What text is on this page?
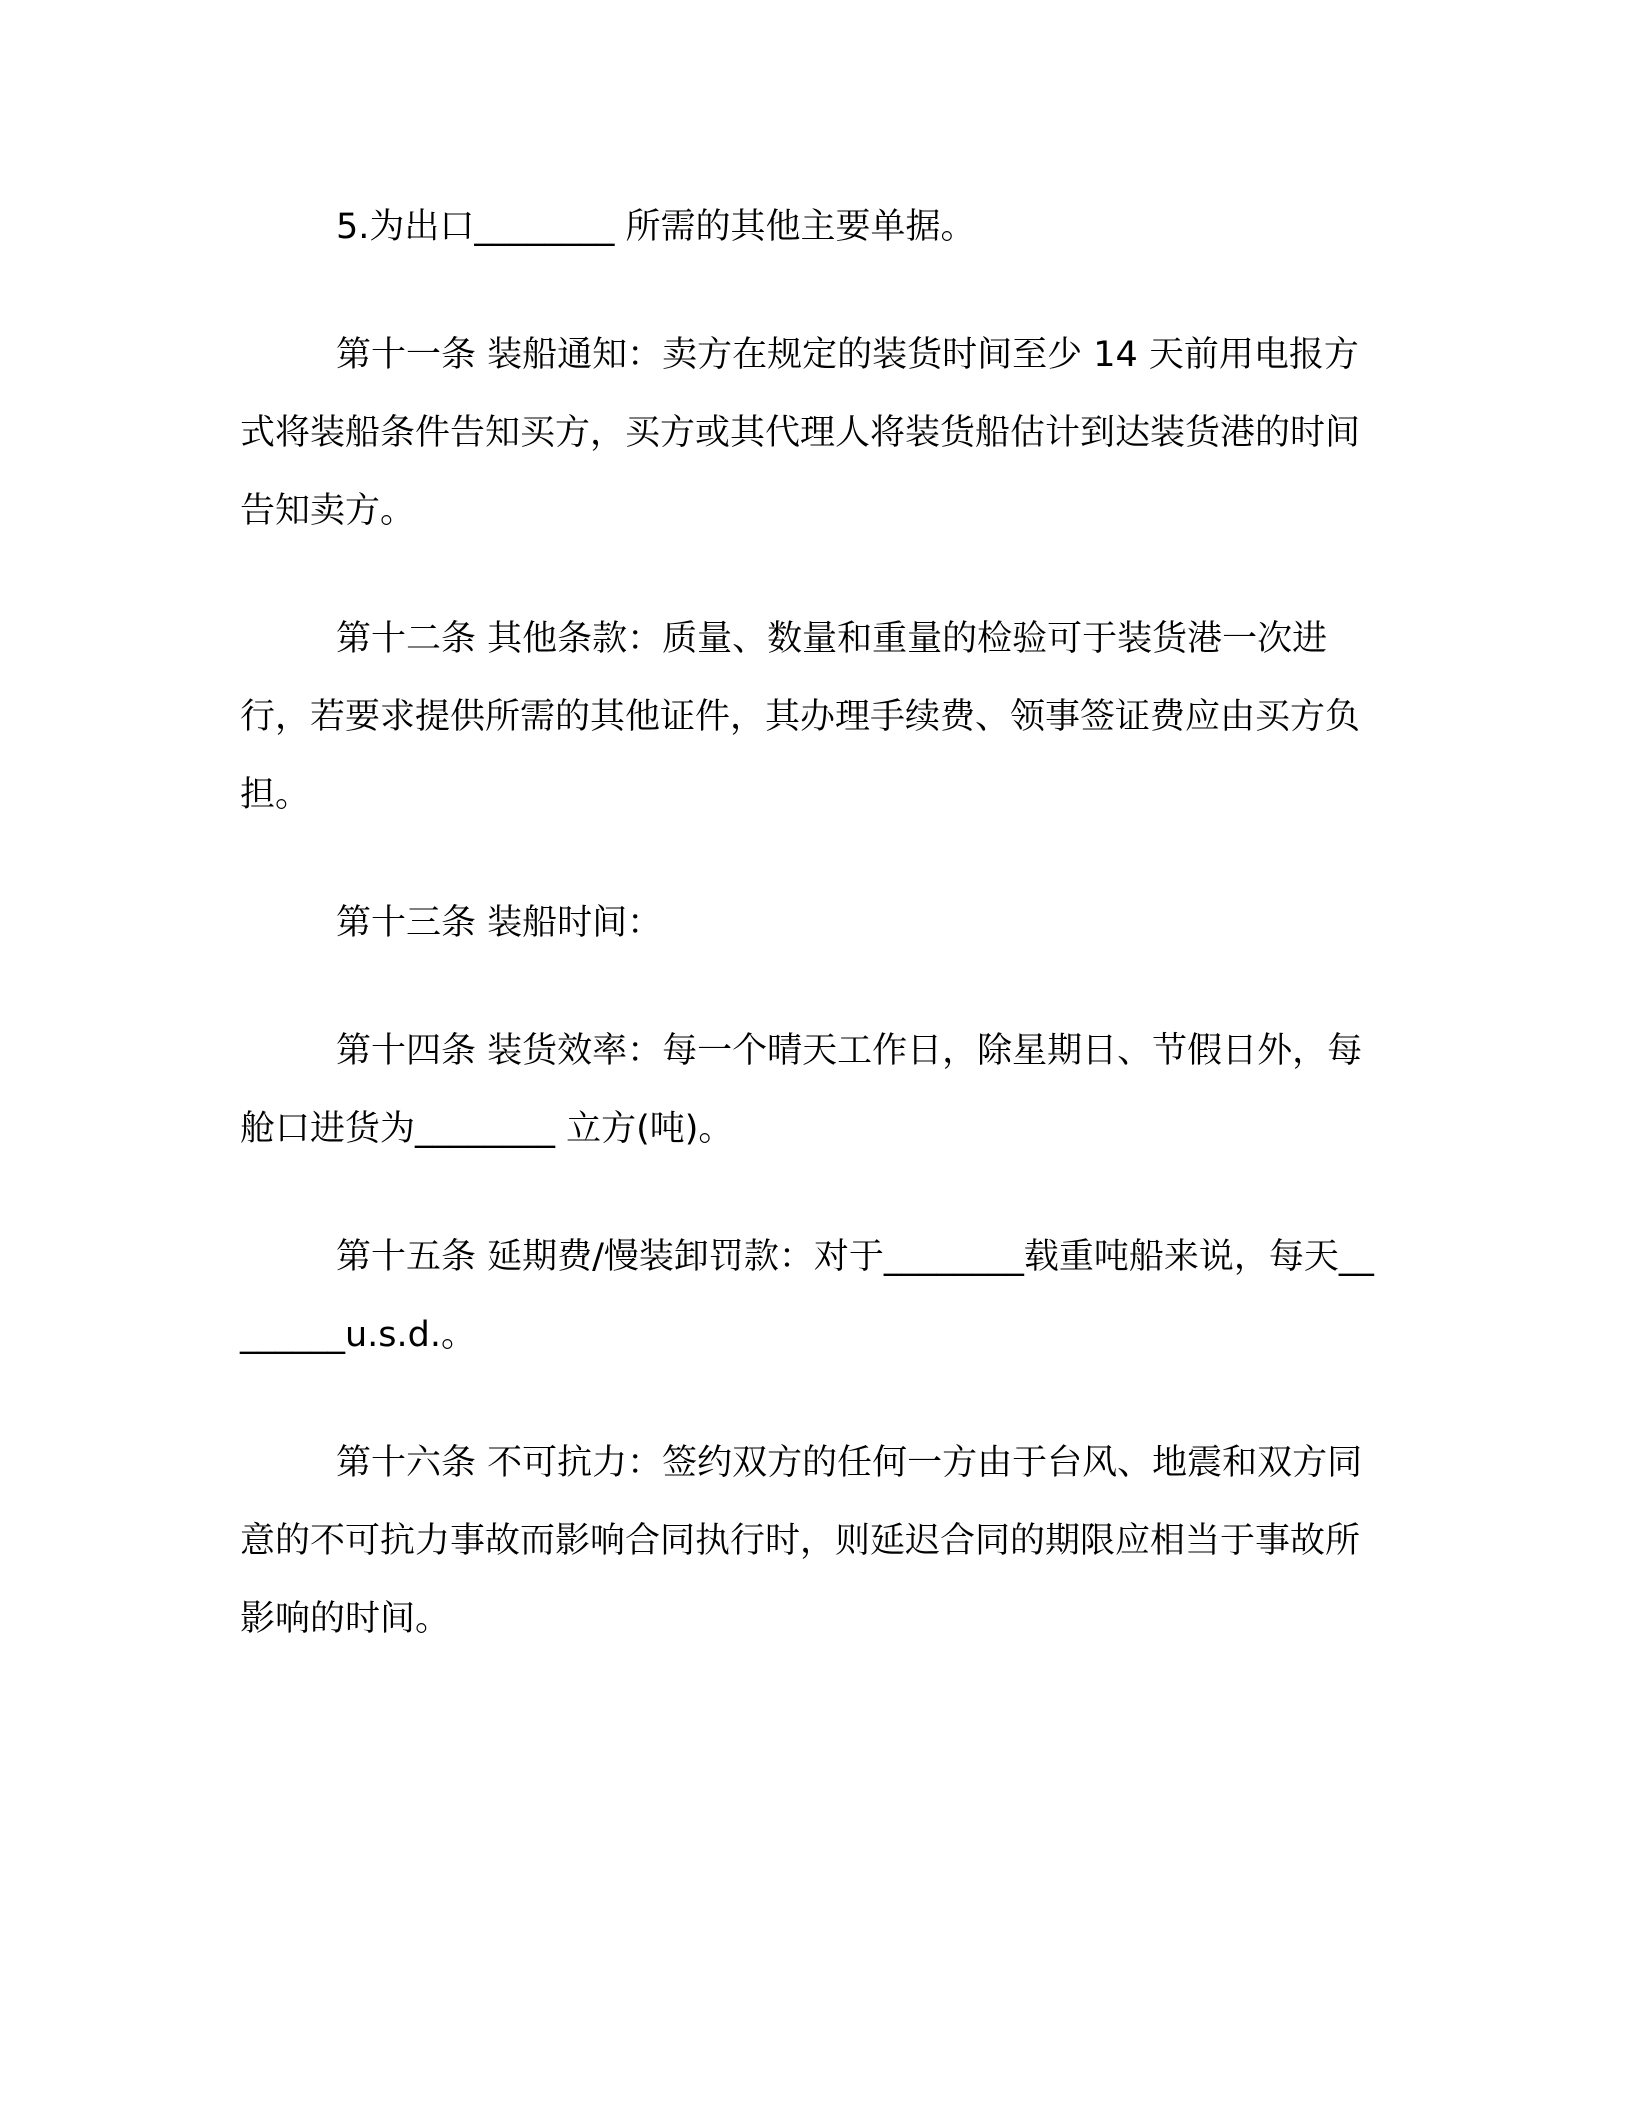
5.为出口________ 所需的其他主要单据。

第十一条 装船通知：卖方在规定的装货时间至少 14 天前用电报方式将装船条件告知买方，买方或其代理人将装货船估计到达装货港的时间告知卖方。

第十二条 其他条款：质量、数量和重量的检验可于装货港一次进行，若要求提供所需的其他证件，其办理手续费、领事签证费应由买方负担。

第十三条 装船时间：

第十四条 装货效率：每一个晴天工作日，除星期日、节假日外，每舱口进货为________ 立方(吨)。

第十五条 延期费/慢装卸罚款：对于________载重吨船来说，每天________u.s.d.。

第十六条 不可抗力：签约双方的任何一方由于台风、地震和双方同意的不可抗力事故而影响合同执行时，则延迟合同的期限应相当于事故所影响的时间。
